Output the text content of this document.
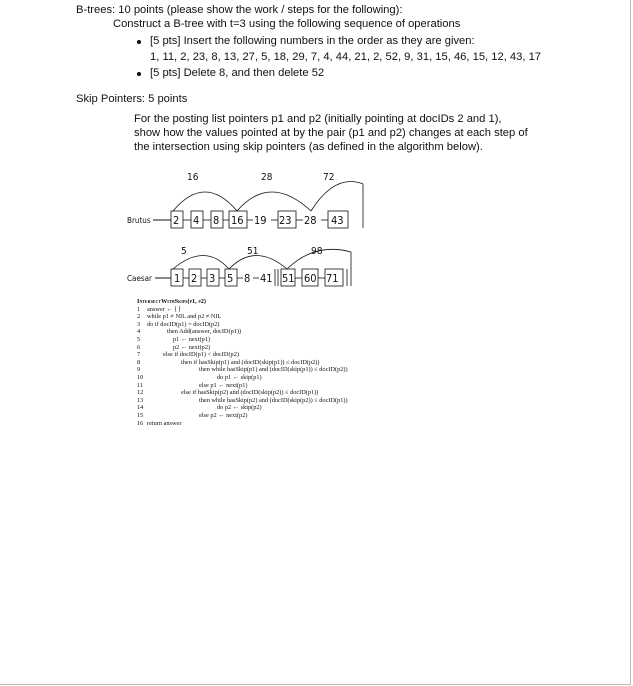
B-trees: 10 points (please show the work / steps for the following):
Construct a B-tree with t=3 using the following sequence of operations
[5 pts] Insert the following numbers in the order as they are given:
1, 11, 2, 23, 8, 13, 27, 5, 18, 29, 7, 4, 44, 21, 2, 52, 9, 31, 15, 46, 15, 12, 43, 17
[5 pts] Delete 8, and then delete 52
Skip Pointers: 5 points
For the posting list pointers p1 and p2 (initially pointing at docIDs 2 and 1),
show how the values pointed at by the pair (p1 and p2) changes at each step of
the intersection using skip pointers (as defined in the algorithm below).
Brutus 2 4 8 16 19 23 28 43
16	28	72
Caesar 1 2 3 5 8 41 51 60 71
5	51	98
IntersectWithSkips(p1, p2)
1	answer ← ⟨ ⟩
2	while p1 ≠ NIL and p2 ≠ NIL
3	do if docID(p1) = docID(p2)
4	then Add(answer, docID(p1))
5	p1 ← next(p1)
6	p2 ← next(p2)
7	else if docID(p1) < docID(p2)
8	then if hasSkip(p1) and (docID(skip(p1)) ≤ docID(p2))
9	then while hasSkip(p1) and (docID(skip(p1)) ≤ docID(p2))
10	do p1 ← skip(p1)
11	else p1 ← next(p1)
12	else if hasSkip(p2) and (docID(skip(p2)) ≤ docID(p1))
13	then while hasSkip(p2) and (docID(skip(p2)) ≤ docID(p1))
14	do p2 ← skip(p2)
15	else p2 ← next(p2)
16 return answer
